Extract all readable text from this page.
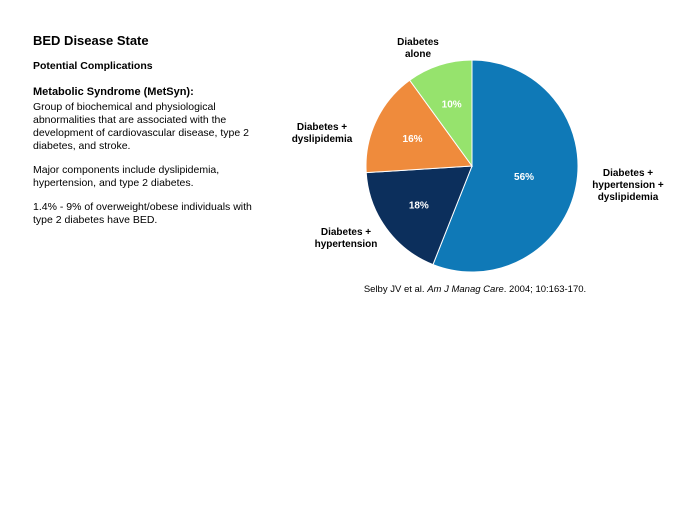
BED Disease State
Potential Complications
Metabolic Syndrome (MetSyn):
Group of biochemical and physiological abnormalities that are associated with the development of cardiovascular disease, type 2 diabetes, and stroke.
Major components include dyslipidemia, hypertension, and type 2 diabetes.
1.4% - 9% of overweight/obese individuals with type 2 diabetes have BED.
56%	Diabetes + hypertension + dyslipidemia
18%
Diabetes + hypertension
16%
Diabetes + dyslipidemia
10%
Diabetes alone
Selby JV et al. Am J Manag Care. 2004; 10:163-170.
